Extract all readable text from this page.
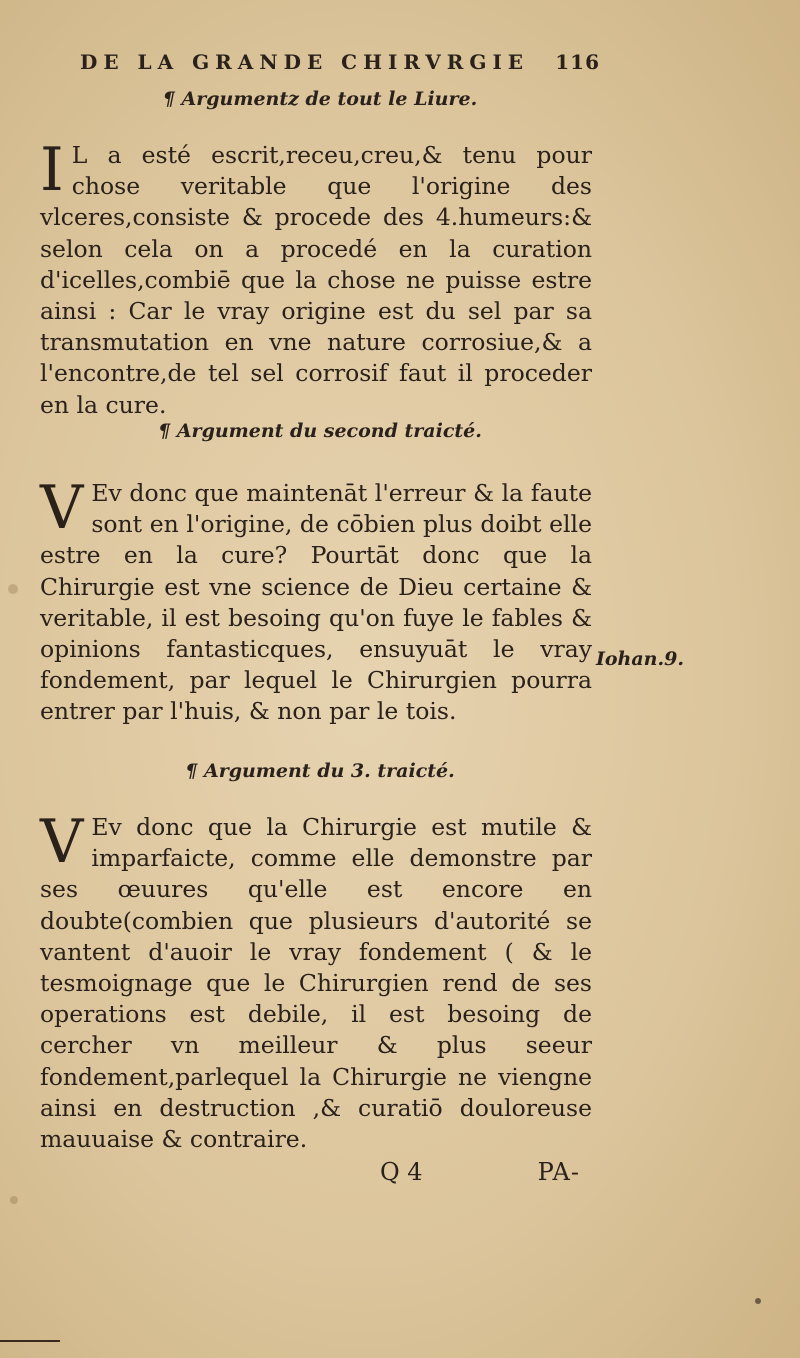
DE LA GRANDE CHIRVRGIE 116
¶ Argumentz de tout le Liure.

I L a esté escrit,receu,creu,& tenu pour chose veritable que l'origine des vlceres,consiste & procede des 4.humeurs:& selon cela on a procedé en la curation d'icelles,combiē que la chose ne puisse estre ainsi : Car le vray origine est du sel par sa transmutation en vne nature corrosiue,& a l'encontre,de tel sel corrosif faut il proceder en la cure.

¶ Argument du second traicté.

V Ev donc que maintenāt l'erreur & la faute sont en l'origine, de cōbien plus doibt elle estre en la cure? Pourtāt donc que la Chirurgie est vne science de Dieu certaine & veritable, il est besoing qu'on fuye le fables & opinions fantasticques, ensuyuāt le vray fondement, par lequel le Chirurgien pourra entrer par l'huis, & non par le tois.

Iohan.9.
¶ Argument du 3. traicté.

V Ev donc que la Chirurgie est mutile & imparfaicte, comme elle demonstre par ses œuures qu'elle est encore en doubte(combien que plusieurs d'autorité se vantent d'auoir le vray fondement ( & le tesmoignage que le Chirurgien rend de ses operations est debile, il est besoing de cercher vn meilleur & plus seeur fondement,parlequel la Chirurgie ne viengne ainsi en destruction ,& curatiō douloreuse mauuaise & contraire.

Q 4	PA-
